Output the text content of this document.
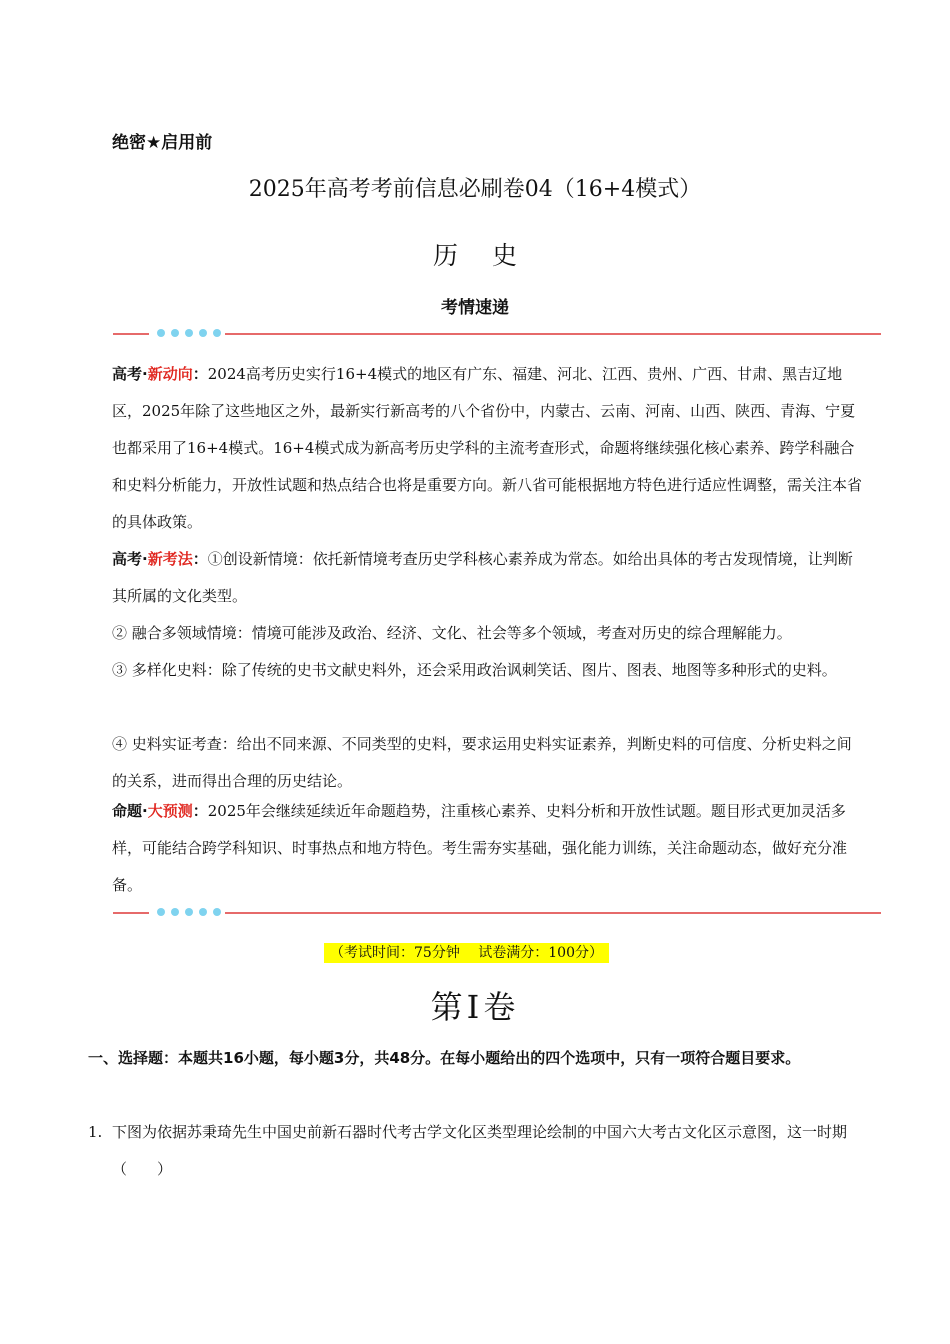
绝密★启用前
2025年高考考前信息必刷卷04（16+4模式）
历史
考情速递
高考·新动向：2024高考历史实行16+4模式的地区有广东、福建、河北、江西、贵州、广西、甘肃、黑吉辽地区，2025年除了这些地区之外，最新实行新高考的八个省份中，内蒙古、云南、河南、山西、陕西、青海、宁夏也都采用了16+4模式。16+4模式成为新高考历史学科的主流考查形式，命题将继续强化核心素养、跨学科融合和史料分析能力，开放性试题和热点结合也将是重要方向。新八省可能根据地方特色进行适应性调整，需关注本省的具体政策。
高考·新考法：①创设新情境：依托新情境考查历史学科核心素养成为常态。如给出具体的考古发现情境，让判断其所属的文化类型。
② 融合多领域情境：情境可能涉及政治、经济、文化、社会等多个领域，考查对历史的综合理解能力。
③ 多样化史料：除了传统的史书文献史料外，还会采用政治讽刺笑话、图片、图表、地图等多种形式的史料。
④ 史料实证考查：给出不同来源、不同类型的史料，要求运用史料实证素养，判断史料的可信度、分析史料之间的关系，进而得出合理的历史结论。
命题·大预测：2025年会继续延续近年命题趋势，注重核心素养、史料分析和开放性试题。题目形式更加灵活多样，可能结合跨学科知识、时事热点和地方特色。考生需夯实基础，强化能力训练，关注命题动态，做好充分准备。
（考试时间：75分钟　 试卷满分：100分）
第Ⅰ卷
一、选择题：本题共16小题，每小题3分，共48分。在每小题给出的四个选项中，只有一项符合题目要求。
1. 下图为依据苏秉琦先生中国史前新石器时代考古学文化区类型理论绘制的中国六大考古文化区示意图，这一时期（　　）
